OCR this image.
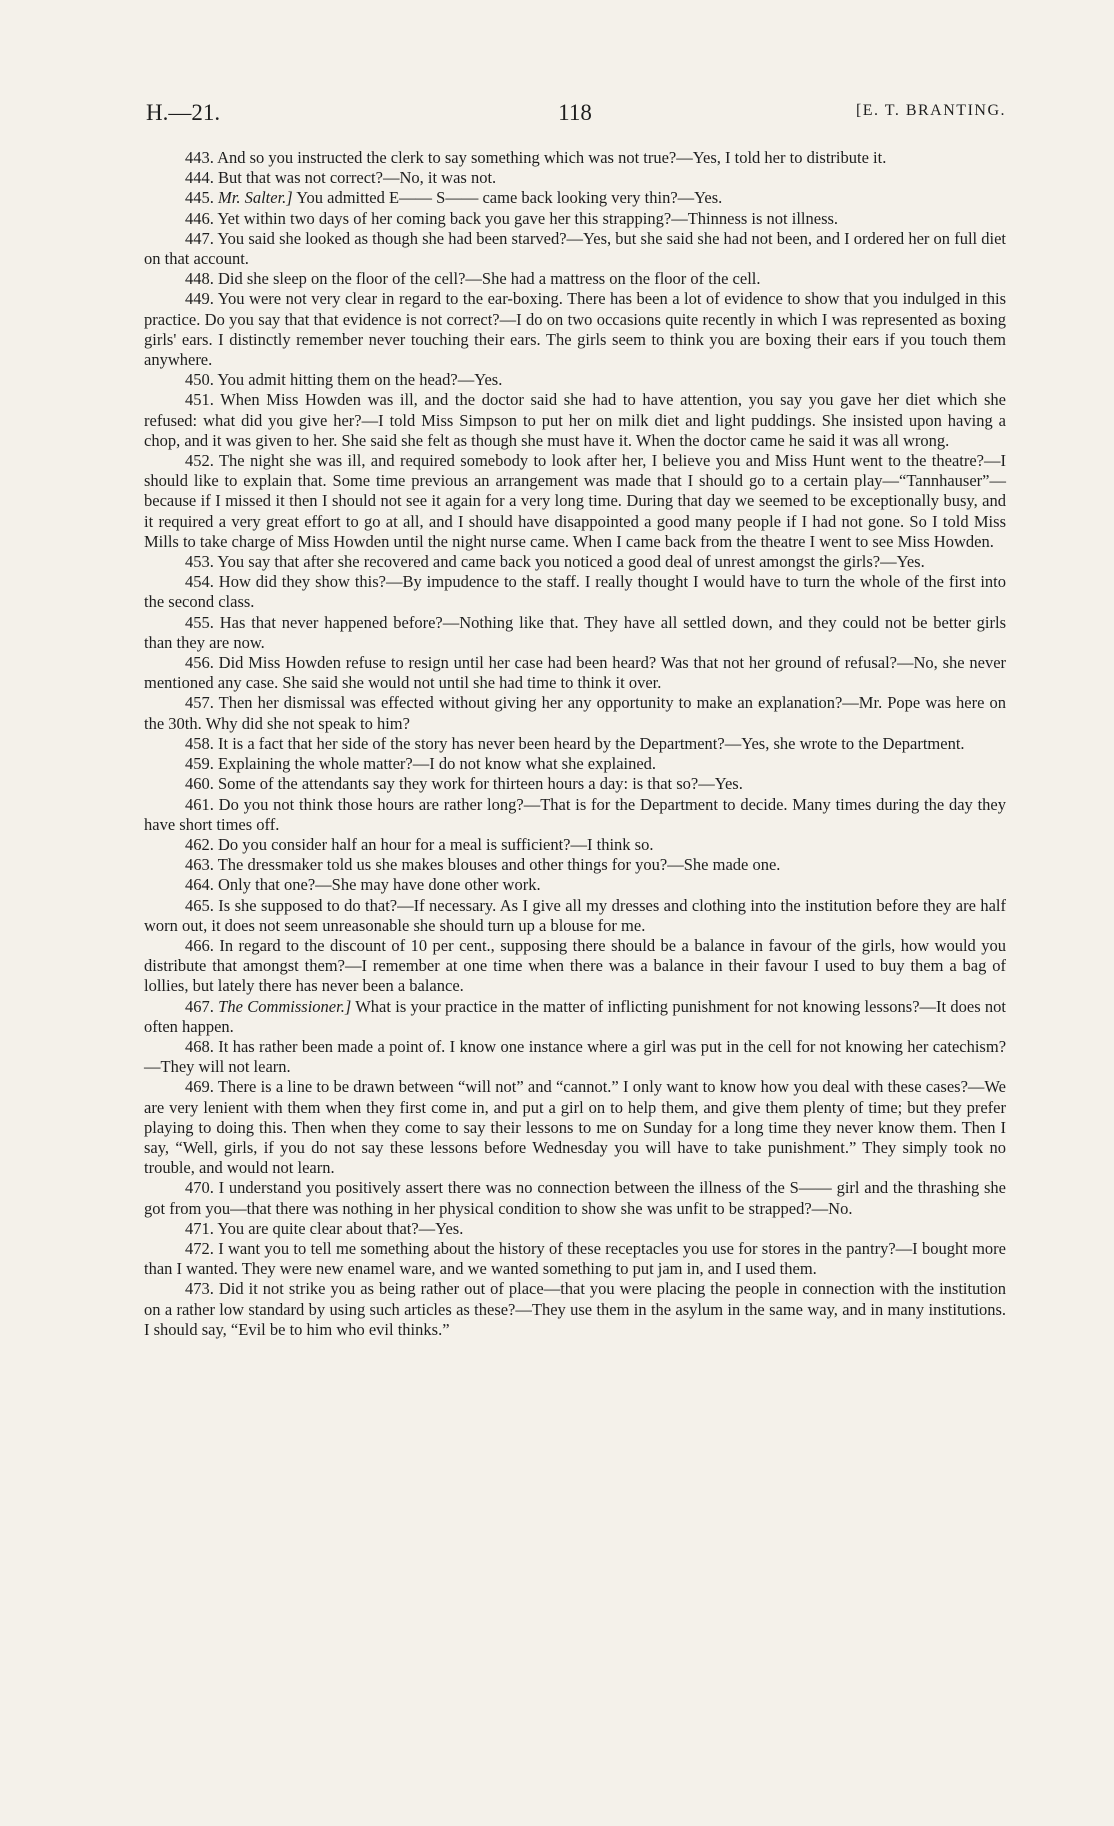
H.—21.	118	[E. T. BRANTING.

443. And so you instructed the clerk to say something which was not true?—Yes, I told her to distribute it.

444. But that was not correct?—No, it was not.

445. Mr. Salter.] You admitted E—— S—— came back looking very thin?—Yes.

446. Yet within two days of her coming back you gave her this strapping?—Thinness is not illness.

447. You said she looked as though she had been starved?—Yes, but she said she had not been, and I ordered her on full diet on that account.

448. Did she sleep on the floor of the cell?—She had a mattress on the floor of the cell.

449. You were not very clear in regard to the ear-boxing. There has been a lot of evidence to show that you indulged in this practice. Do you say that that evidence is not correct?—I do on two occasions quite recently in which I was represented as boxing girls' ears. I distinctly remember never touching their ears. The girls seem to think you are boxing their ears if you touch them anywhere.

450. You admit hitting them on the head?—Yes.

451. When Miss Howden was ill, and the doctor said she had to have attention, you say you gave her diet which she refused: what did you give her?—I told Miss Simpson to put her on milk diet and light puddings. She insisted upon having a chop, and it was given to her. She said she felt as though she must have it. When the doctor came he said it was all wrong.

452. The night she was ill, and required somebody to look after her, I believe you and Miss Hunt went to the theatre?—I should like to explain that. Some time previous an arrangement was made that I should go to a certain play—“Tannhauser”—because if I missed it then I should not see it again for a very long time. During that day we seemed to be exceptionally busy, and it required a very great effort to go at all, and I should have disappointed a good many people if I had not gone. So I told Miss Mills to take charge of Miss Howden until the night nurse came. When I came back from the theatre I went to see Miss Howden.

453. You say that after she recovered and came back you noticed a good deal of unrest amongst the girls?—Yes.

454. How did they show this?—By impudence to the staff. I really thought I would have to turn the whole of the first into the second class.

455. Has that never happened before?—Nothing like that. They have all settled down, and they could not be better girls than they are now.

456. Did Miss Howden refuse to resign until her case had been heard? Was that not her ground of refusal?—No, she never mentioned any case. She said she would not until she had time to think it over.

457. Then her dismissal was effected without giving her any opportunity to make an explanation?—Mr. Pope was here on the 30th. Why did she not speak to him?

458. It is a fact that her side of the story has never been heard by the Department?—Yes, she wrote to the Department.

459. Explaining the whole matter?—I do not know what she explained.

460. Some of the attendants say they work for thirteen hours a day: is that so?—Yes.

461. Do you not think those hours are rather long?—That is for the Department to decide. Many times during the day they have short times off.

462. Do you consider half an hour for a meal is sufficient?—I think so.

463. The dressmaker told us she makes blouses and other things for you?—She made one.

464. Only that one?—She may have done other work.

465. Is she supposed to do that?—If necessary. As I give all my dresses and clothing into the institution before they are half worn out, it does not seem unreasonable she should turn up a blouse for me.

466. In regard to the discount of 10 per cent., supposing there should be a balance in favour of the girls, how would you distribute that amongst them?—I remember at one time when there was a balance in their favour I used to buy them a bag of lollies, but lately there has never been a balance.

467. The Commissioner.] What is your practice in the matter of inflicting punishment for not knowing lessons?—It does not often happen.

468. It has rather been made a point of. I know one instance where a girl was put in the cell for not knowing her catechism?—They will not learn.

469. There is a line to be drawn between “will not” and “cannot.” I only want to know how you deal with these cases?—We are very lenient with them when they first come in, and put a girl on to help them, and give them plenty of time; but they prefer playing to doing this. Then when they come to say their lessons to me on Sunday for a long time they never know them. Then I say, “Well, girls, if you do not say these lessons before Wednesday you will have to take punishment.” They simply took no trouble, and would not learn.

470. I understand you positively assert there was no connection between the illness of the S—— girl and the thrashing she got from you—that there was nothing in her physical condition to show she was unfit to be strapped?—No.

471. You are quite clear about that?—Yes.

472. I want you to tell me something about the history of these receptacles you use for stores in the pantry?—I bought more than I wanted. They were new enamel ware, and we wanted something to put jam in, and I used them.

473. Did it not strike you as being rather out of place—that you were placing the people in connection with the institution on a rather low standard by using such articles as these?—They use them in the asylum in the same way, and in many institutions. I should say, “Evil be to him who evil thinks.”
